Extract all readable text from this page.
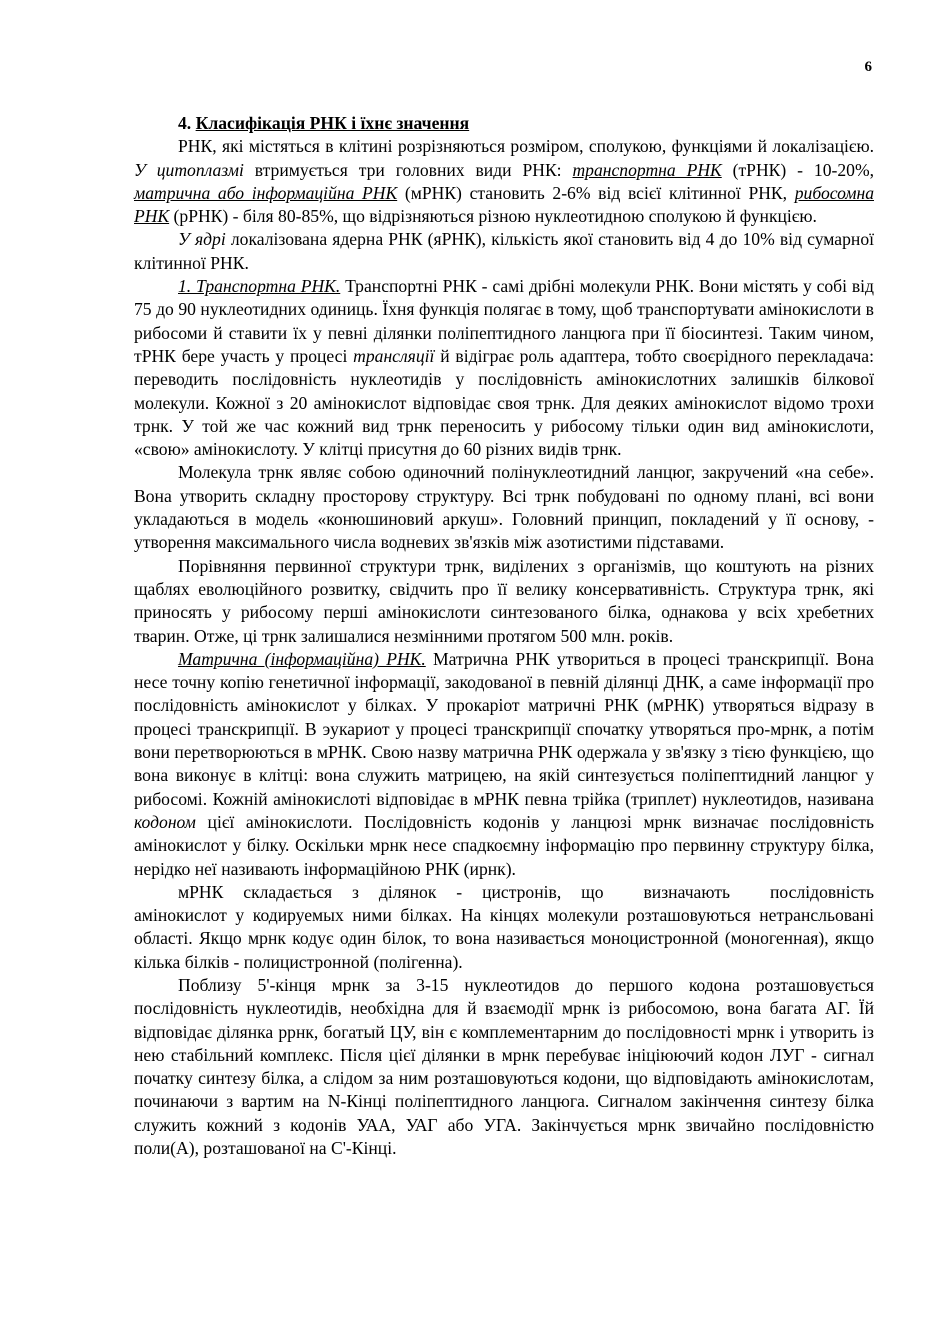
6

4. Класифікація РНК і їхнє значення

РНК, які містяться в клітині розрізняються розміром, сполукою, функціями й локалізацією. У цитоплазмі втримується три головних види РНК: транспортна РНК (тРНК) - 10-20%, матрична або інформаційна РНК (мРНК) становить 2-6% від всієї клітинної РНК, рибосомна РНК (рРНК) - біля 80-85%, що відрізняються різною нуклеотидною сполукою й функцією.

У ядрі локалізована ядерна РНК (яРНК), кількість якої становить від 4 до 10% від сумарної клітинної РНК.

1. Транспортна РНК. Транспортні РНК - самі дрібні молекули РНК. Вони містять у собі від 75 до 90 нуклеотидних одиниць. Їхня функція полягає в тому, щоб транспортувати амінокислоти в рибосоми й ставити їх у певні ділянки поліпептидного ланцюга при її біосинтезі. Таким чином, тРНК бере участь у процесі трансляції й відіграє роль адаптера, тобто своєрідного перекладача: переводить послідовність нуклеотидів у послідовність амінокислотних залишків білкової молекули. Кожної з 20 амінокислот відповідає своя трнк. Для деяких амінокислот відомо трохи трнк. У той же час кожний вид трнк переносить у рибосому тільки один вид амінокислоти, «свою» амінокислоту. У клітці присутня до 60 різних видів трнк.

Молекула трнк являє собою одиночний полінуклеотидний ланцюг, закручений «на себе». Вона утворить складну просторову структуру. Всі трнк побудовані по одному плані, всі вони укладаються в модель «конюшиновий аркуш». Головний принцип, покладений у її основу, - утворення максимального числа водневих зв'язків між азотистими підставами.

Порівняння первинної структури трнк, виділених з організмів, що коштують на різних щаблях еволюційного розвитку, свідчить про її велику консервативність. Структура трнк, які приносять у рибосому перші амінокислоти синтезованого білка, однакова у всіх хребетних тварин. Отже, ці трнк залишалися незмінними протягом 500 млн. років.

Матрична (інформаційна) РНК. Матрична РНК утвориться в процесі транскрипції. Вона несе точну копію генетичної інформації, закодованої в певній ділянці ДНК, а саме інформації про послідовність амінокислот у білках. У прокаріот матричні РНК (мРНК) утворяться відразу в процесі транскрипції. В эукариот у процесі транскрипції спочатку утворяться про-мрнк, а потім вони перетворюються в мРНК. Свою назву матрична РНК одержала у зв'язку з тією функцією, що вона виконує в клітці: вона служить матрицею, на якій синтезується поліпептидний ланцюг у рибосомі. Кожній амінокислоті відповідає в мРНК певна трійка (триплет) нуклеотидов, називана кодоном цієї амінокислоти. Послідовність кодонів у ланцюзі мрнк визначає послідовність амінокислот у білку. Оскільки мрнк несе спадкоємну інформацію про первинну структуру білка, нерідко неї називають інформаційною РНК (ирнк).

мРНК складається з ділянок - цистронів, що визначають послідовність амінокислот у кодируемых ними білках. На кінцях молекули розташовуються нетрансльовані області. Якщо мрнк кодує один білок, то вона називається моноцистронной (моногенная), якщо кілька білків - полицистронной (полігенна).

Поблизу 5'-кінця мрнк за 3-15 нуклеотидов до першого кодона розташовується послідовність нуклеотидів, необхідна для й взаємодії мрнк із рибосомою, вона багата АГ. Їй відповідає ділянка ррнк, богатый ЦУ, він є комплементарним до послідовності мрнк і утворить із нею стабільний комплекс. Після цієї ділянки в мрнк перебуває ініціюючий кодон ЛУГ - сигнал початку синтезу білка, а слідом за ним розташовуються кодони, що відповідають амінокислотам, починаючи з вартим на N-Кінці поліпептидного ланцюга. Сигналом закінчення синтезу білка служить кожний з кодонів УАА, УАГ або УГА. Закінчується мрнк звичайно послідовністю поли(А), розташованої на С'-Кінці.
